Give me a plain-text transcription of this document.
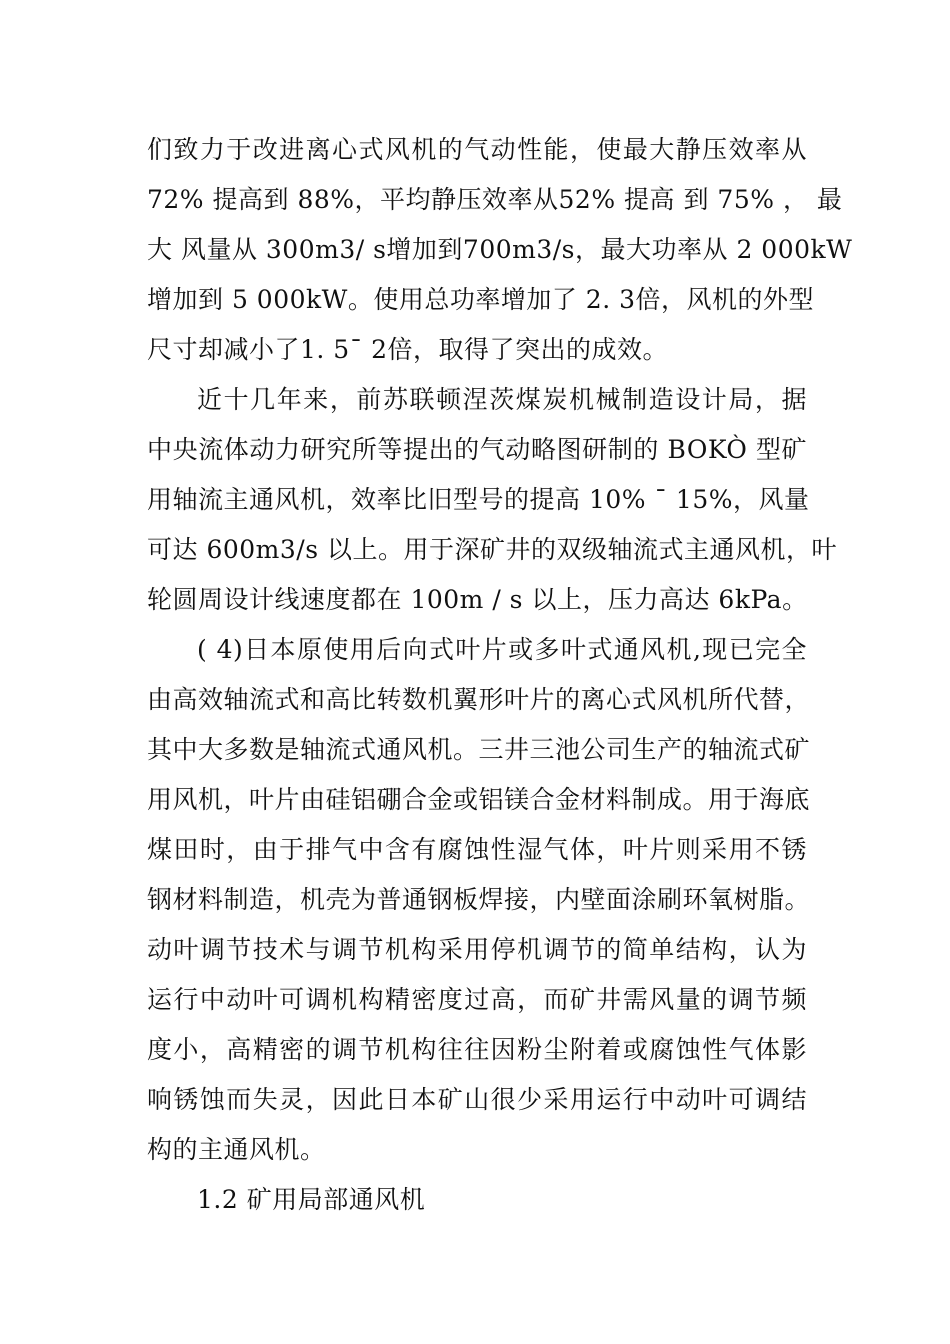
们致力于改进离心式风机的气动性能，使最大静压效率从
72% 提高到 88%，平均静压效率从52% 提高 到 75% ， 最
大 风量从 300m3/ s增加到700m3/s，最大功率从 2 000kW
增加到 5 000kW。使用总功率增加了 2. 3倍，风机的外型
尺寸却减小了1. 5¯ 2倍，取得了突出的成效。
近十几年来，前苏联顿涅茨煤炭机械制造设计局，据
中央流体动力研究所等提出的气动略图研制的 BOKÒ 型矿
用轴流主通风机，效率比旧型号的提高 10% ¯ 15%，风量
可达 600m3/s 以上。用于深矿井的双级轴流式主通风机，叶
轮圆周设计线速度都在 100m / s 以上，压力高达 6kPa。
( 4)日本原使用后向式叶片或多叶式通风机,现已完全
由高效轴流式和高比转数机翼形叶片的离心式风机所代替，
其中大多数是轴流式通风机。三井三池公司生产的轴流式矿
用风机，叶片由硅铝硼合金或铝镁合金材料制成。用于海底
煤田时，由于排气中含有腐蚀性湿气体，叶片则采用不锈
钢材料制造，机壳为普通钢板焊接，内壁面涂刷环氧树脂。
动叶调节技术与调节机构采用停机调节的简单结构，认为
运行中动叶可调机构精密度过高，而矿井需风量的调节频
度小，高精密的调节机构往往因粉尘附着或腐蚀性气体影
响锈蚀而失灵，因此日本矿山很少采用运行中动叶可调结
构的主通风机。
1.2 矿用局部通风机
